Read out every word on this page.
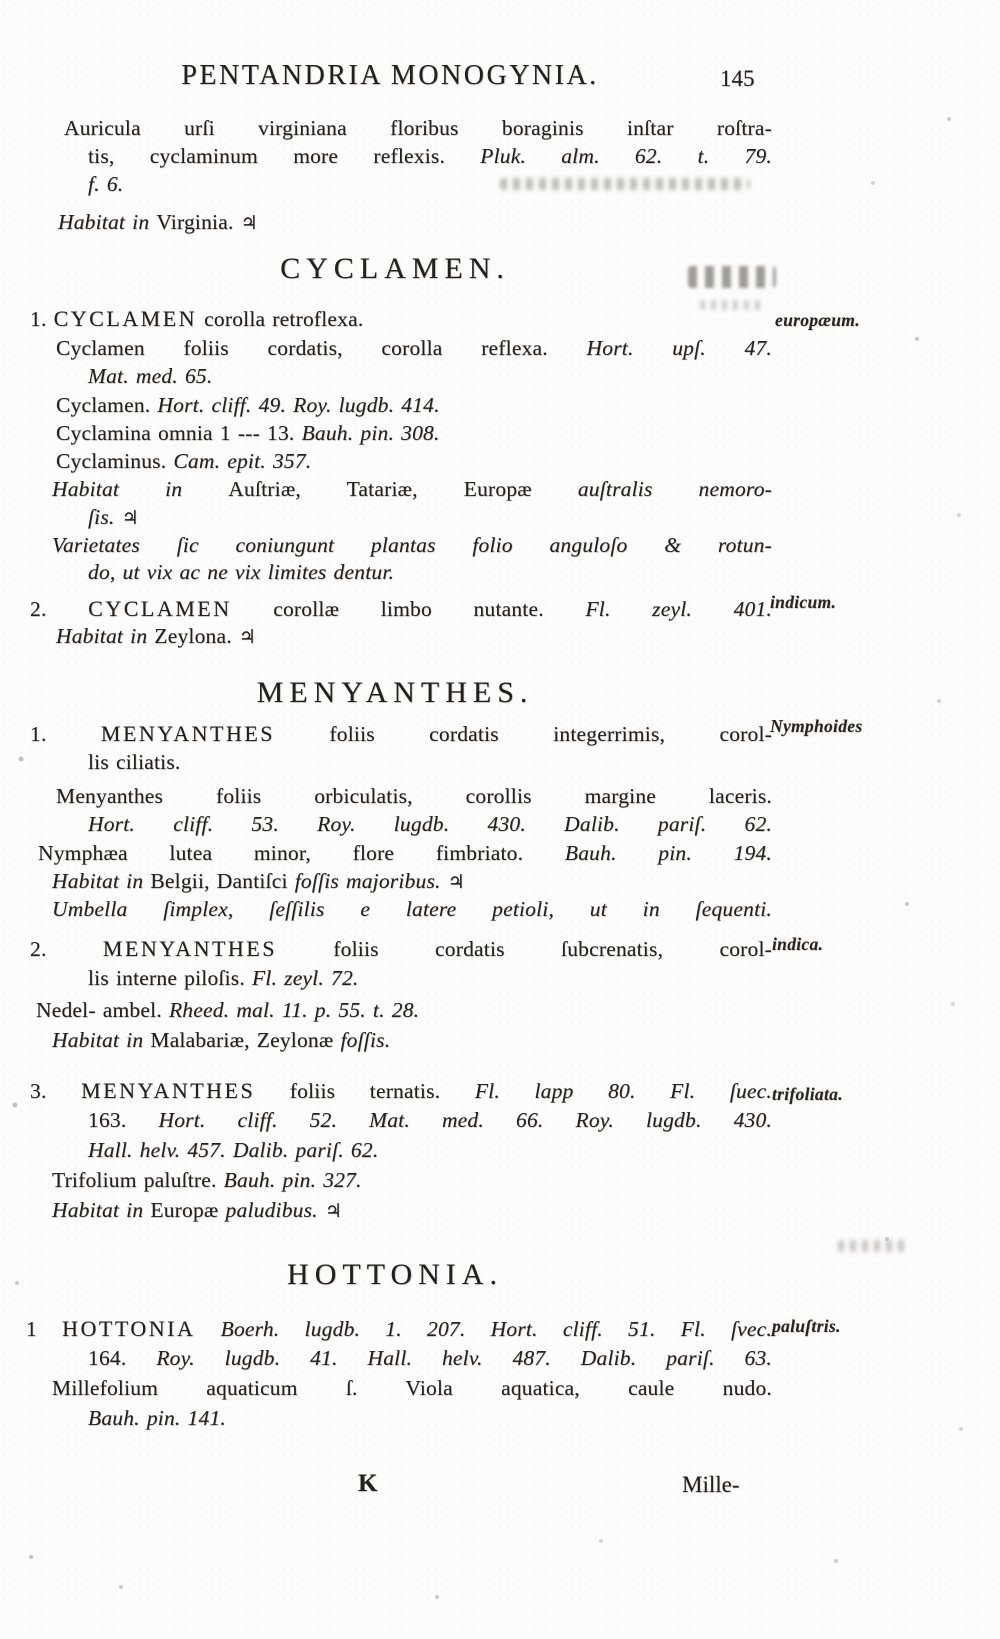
PENTANDRIA MONOGYNIA.	145
Auricula urſi virginiana floribus boraginis inſtar roſtra-
tis, cyclaminum more reflexis. Pluk. alm. 62. t. 79.
f. 6.
Habitat in Virginia. ♃
CYCLAMEN.
1. CYCLAMEN corolla retroflexa.	europæum.
Cyclamen foliis cordatis, corolla reflexa. Hort. upſ. 47.
Mat. med. 65.
Cyclamen. Hort. cliff. 49. Roy. lugdb. 414.
Cyclamina omnia 1 --- 13. Bauh. pin. 308.
Cyclaminus. Cam. epit. 357.
Habitat in Auſtriæ, Tatariæ, Europæ auſtralis nemoro-
ſis. ♃
Varietates ſic coniungunt plantas folio anguloſo & rotun-
do, ut vix ac ne vix limites dentur.
2. CYCLAMEN corollæ limbo nutante. Fl. zeyl. 401.
indicum.
Habitat in Zeylona. ♃
MENYANTHES.
1. MENYANTHES foliis cordatis integerrimis, corol-
Nymphoides
lis ciliatis.
Menyanthes foliis orbiculatis, corollis margine laceris.
Hort. cliff. 53. Roy. lugdb. 430. Dalib. pariſ. 62.
Nymphæa lutea minor, flore fimbriato. Bauh. pin. 194.
Habitat in Belgii, Dantiſci foſſis majoribus. ♃
Umbella ſimplex, ſeſſilis e latere petioli, ut in ſequenti.
2. MENYANTHES foliis cordatis ſubcrenatis, corol- indica.
lis interne piloſis. Fl. zeyl. 72.
Nedel- ambel. Rheed. mal. 11. p. 55. t. 28.
Habitat in Malabariæ, Zeylonæ foſſis.
3. MENYANTHES foliis ternatis. Fl. lapp 80. Fl. ſuec. trifoliata.
163. Hort. cliff. 52. Mat. med. 66. Roy. lugdb. 430.
Hall. helv. 457. Dalib. pariſ. 62.
Trifolium paluſtre. Bauh. pin. 327.
Habitat in Europæ paludibus. ♃
HOTTONIA.
1 HOTTONIA Boerh. lugdb. 1. 207. Hort. cliff. 51. Fl. ſvec. paluſtris.
164. Roy. lugdb. 41. Hall. helv. 487. Dalib. pariſ. 63.
Millefolium aquaticum ſ. Viola aquatica, caule nudo.
Bauh. pin. 141.
K	Mille-
